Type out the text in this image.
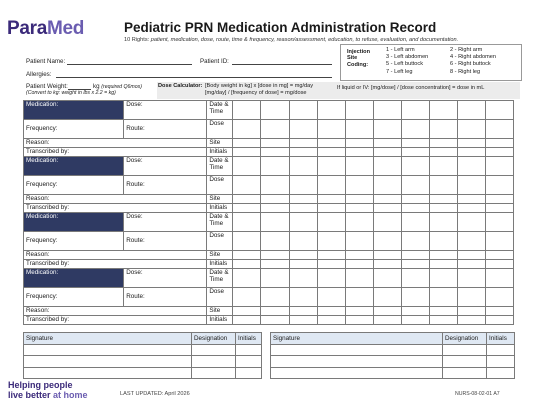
ParaMed	Pediatric PRN Medication Administration Record
10 Rights: patient, medication, dose, route, time & frequency, reason/assessment, education, to refuse, evaluation, and documentation.
Patient Name:	Patient ID:
Allergies:
Patient Weight:	kg (required Q6mos)
(Convert to kg: weight in lbs x 2.2 = kg)
Injection
Site
Coding:
1 - Left arm
3 - Left abdomen
5 - Left buttock
7 - Left leg
2 - Right arm
4 - Right abdomen
6 - Right buttock
8 - Right leg
Dose Calculator: [Body weight in kg] x [dose in mg] = mg/day
[mg/day] / [frequency of dose] = mg/dose
If liquid or IV: [mg/dose] / [dose concentration] = dose in mL
Medication:	Dose:	Date &
Time										

Frequency:	Route:	Dose										
Reason:		Site										
Transcribed by:		Initials										
Medication:	Dose:	Date &
Time										

Frequency:	Route:	Dose										
Reason:		Site										
Transcribed by:		Initials										
Medication:	Dose:	Date &
Time										

Frequency:	Route:	Dose										
Reason:		Site										
Transcribed by:		Initials										
Medication:	Dose:	Date &
Time										

Frequency:	Route:	Dose										
Reason:		Site										
Transcribed by:		Initials										
Signature	Designation	Initials

			Signature	Designation	Initials

Helping people
live better at home	LAST UPDATED: April 2026	NURS-08-02-01 A7
